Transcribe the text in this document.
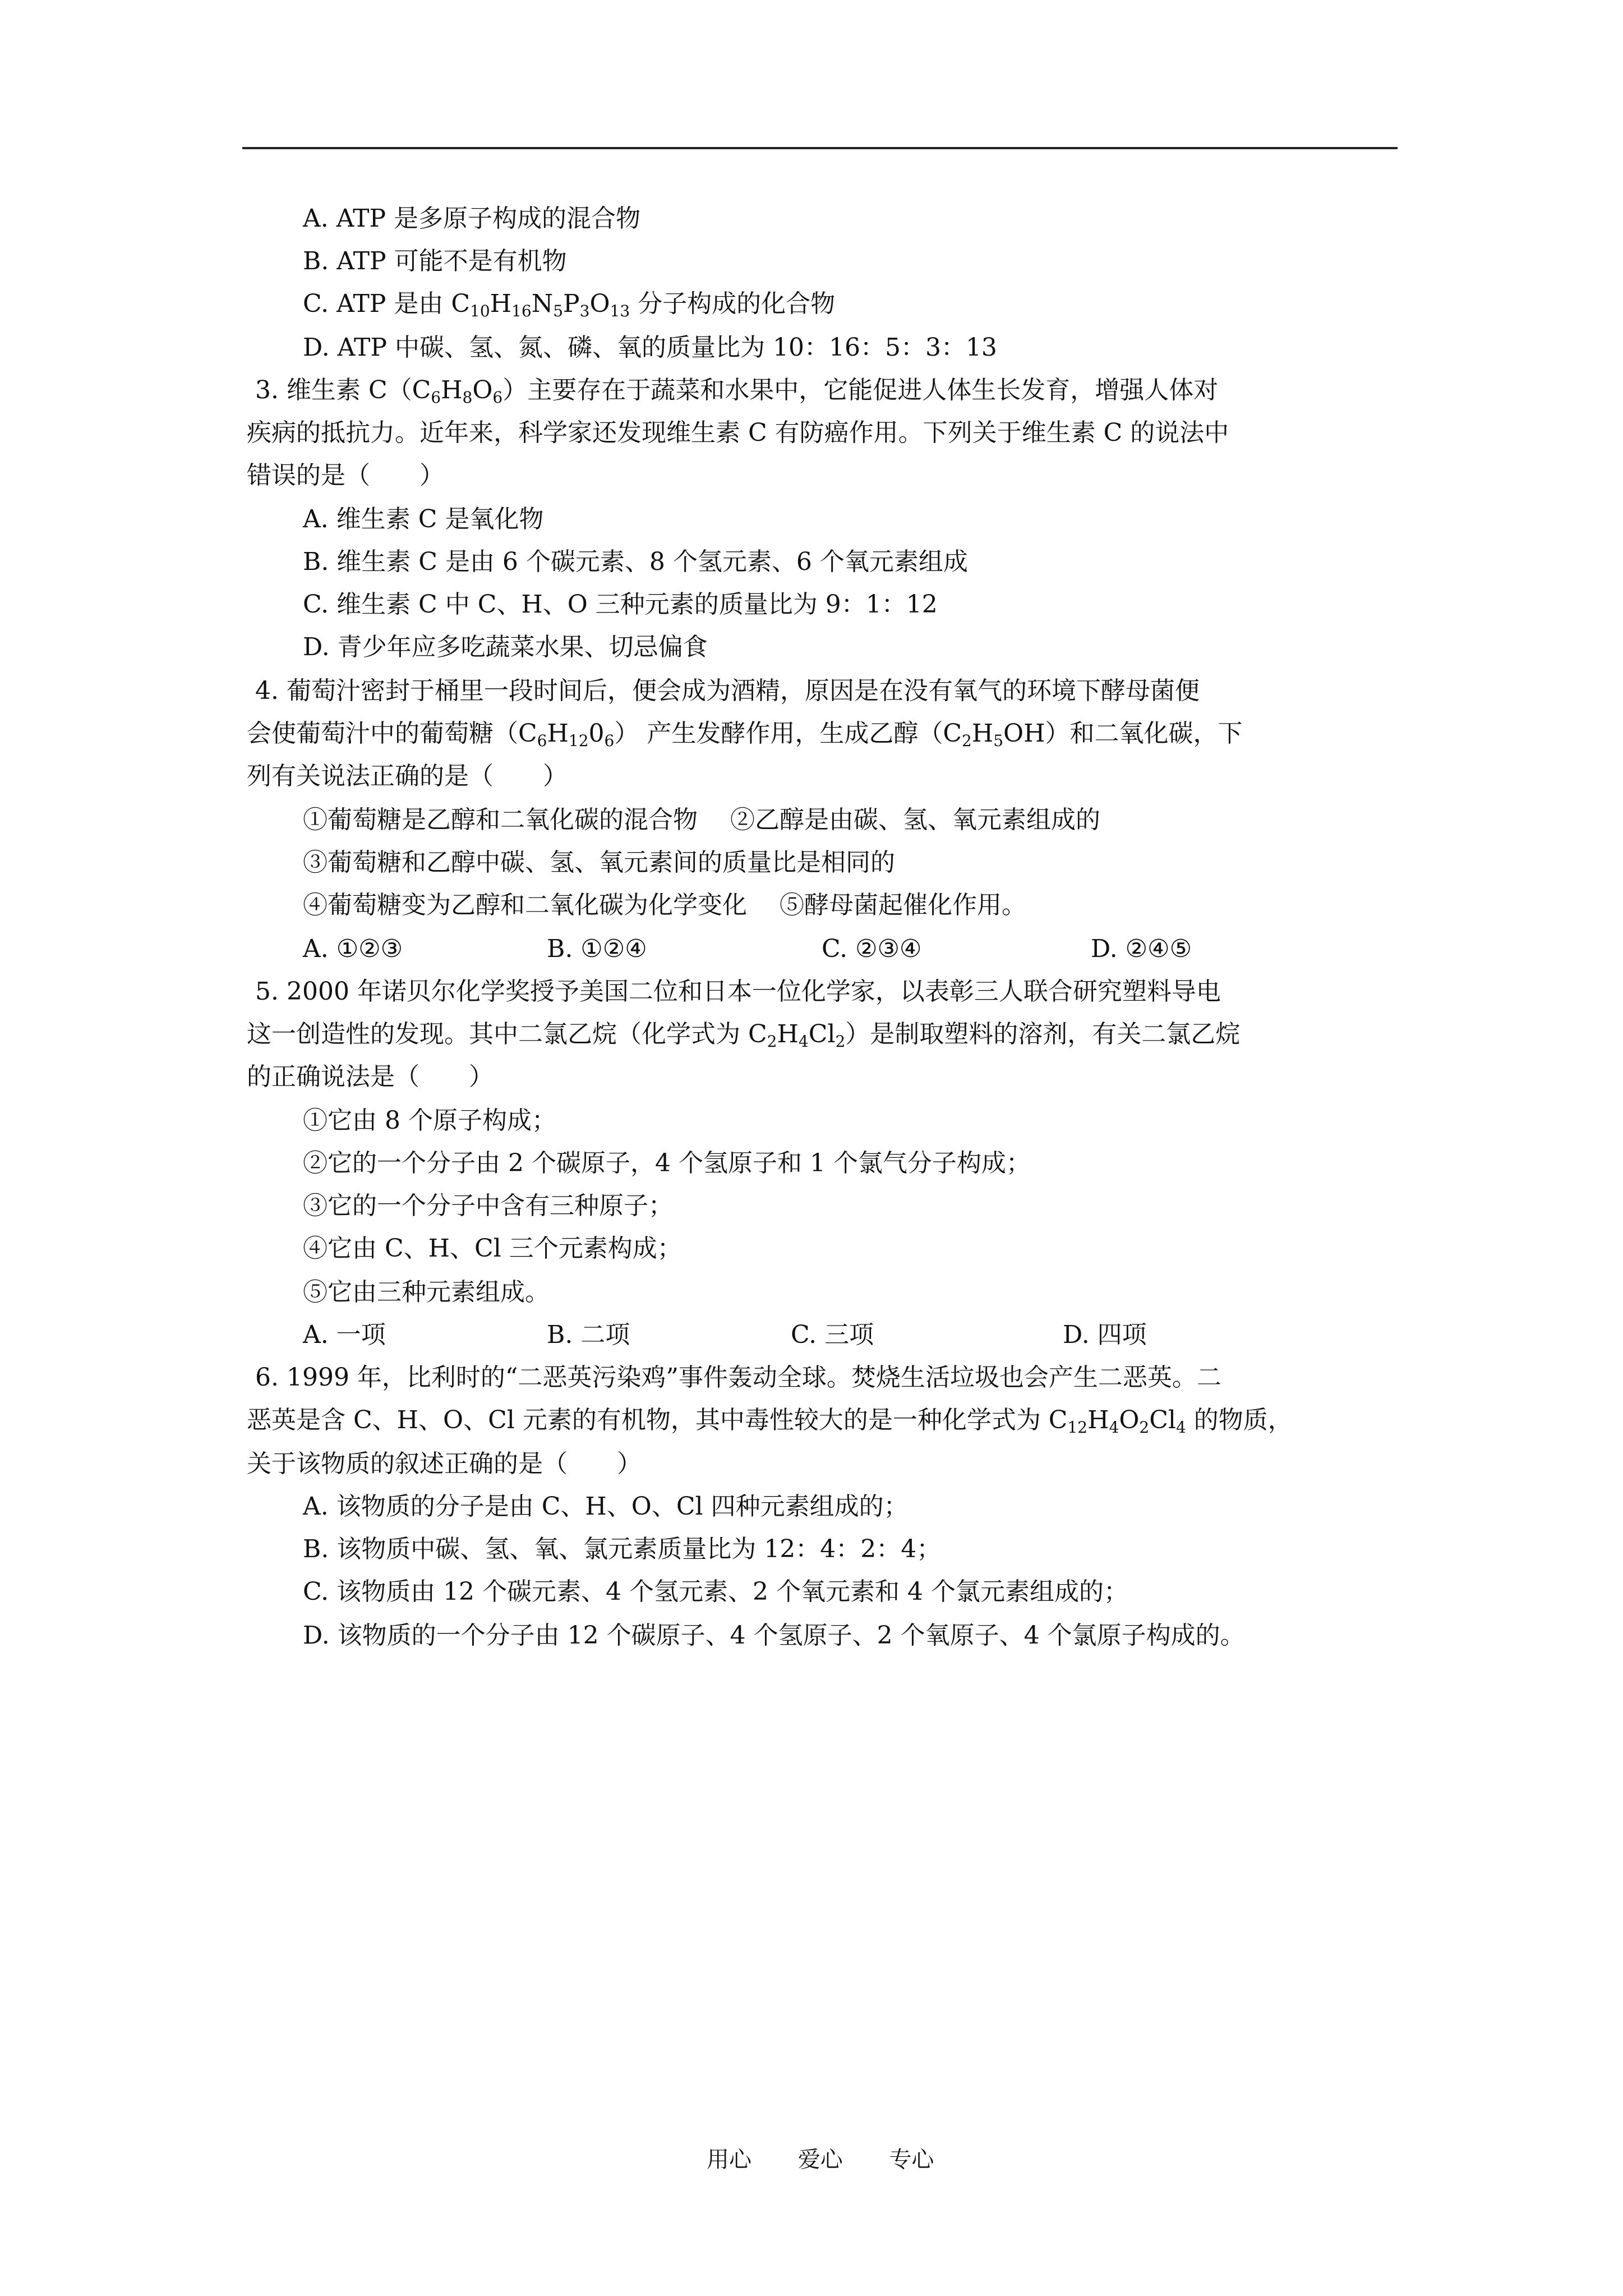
A. ATP 是多原子构成的混合物
B. ATP 可能不是有机物
C. ATP 是由 $C_{10}H_{16}N_5P_3O_{13}$ 分子构成的化合物
D. ATP 中碳、氢、氮、磷、氧的质量比为 10：16：5：3：13
3. 维生素 $C(C_6H_8O_6)$主要存在于蔬菜和水果中，它能促进人体生长发育，增强人体对
疾病的抵抗力。近年来，科学家还发现维生素 C 有防癌作用。下列关于维生素 C 的说法中
错误的是（　　）
A. 维生素 C 是氧化物
B. 维生素 C 是由 6 个碳元素、8 个氢元素、6 个氧元素组成
C. 维生素 C 中 C、H、O 三种元素的质量比为 9：1：12
D. 青少年应多吃蔬菜水果、切忌偏食
4. 葡萄汁密封于桶里一段时间后，便会成为酒精，原因是在没有氧气的环境下酵母菌便
会使葡萄汁中的葡萄糖$(C_6H_{12}0_6)$ 产生发酵作用，生成乙醇$(C_2H_5OH)$和二氧化碳，下
列有关说法正确的是（　　）
①葡萄糖是乙醇和二氧化碳的混合物　 ②乙醇是由碳、氢、氧元素组成的
③葡萄糖和乙醇中碳、氢、氧元素间的质量比是相同的
④葡萄糖变为乙醇和二氧化碳为化学变化　 ⑤酵母菌起催化作用。
A. ①②③	B. ①②④	C. ②③④	D. ②④⑤
5. 2000 年诺贝尔化学奖授予美国二位和日本一位化学家，以表彰三人联合研究塑料导电
这一创造性的发现。其中二氯乙烷（化学式为 $C_2H_4Cl_2$）是制取塑料的溶剂，有关二氯乙烷
的正确说法是（　　）
①它由 8 个原子构成；
②它的一个分子由 2 个碳原子，4 个氢原子和 1 个氯气分子构成；
③它的一个分子中含有三种原子；
④它由 C、H、Cl 三个元素构成；
⑤它由三种元素组成。
A. 一项	B. 二项	C. 三项	D. 四项
6. 1999 年，比利时的“二恶英污染鸡”事件轰动全球。焚烧生活垃圾也会产生二恶英。二
恶英是含 C、H、O、Cl 元素的有机物，其中毒性较大的是一种化学式为 $C_{12}H_4O_2Cl_4$ 的物质，
关于该物质的叙述正确的是（　　）
A. 该物质的分子是由 C、H、O、Cl 四种元素组成的；
B. 该物质中碳、氢、氧、氯元素质量比为 12：4：2：4；
C. 该物质由 12 个碳元素、4 个氢元素、2 个氧元素和 4 个氯元素组成的；
D. 该物质的一个分子由 12 个碳原子、4 个氢原子、2 个氧原子、4 个氯原子构成的。
用心 爱心 专心
